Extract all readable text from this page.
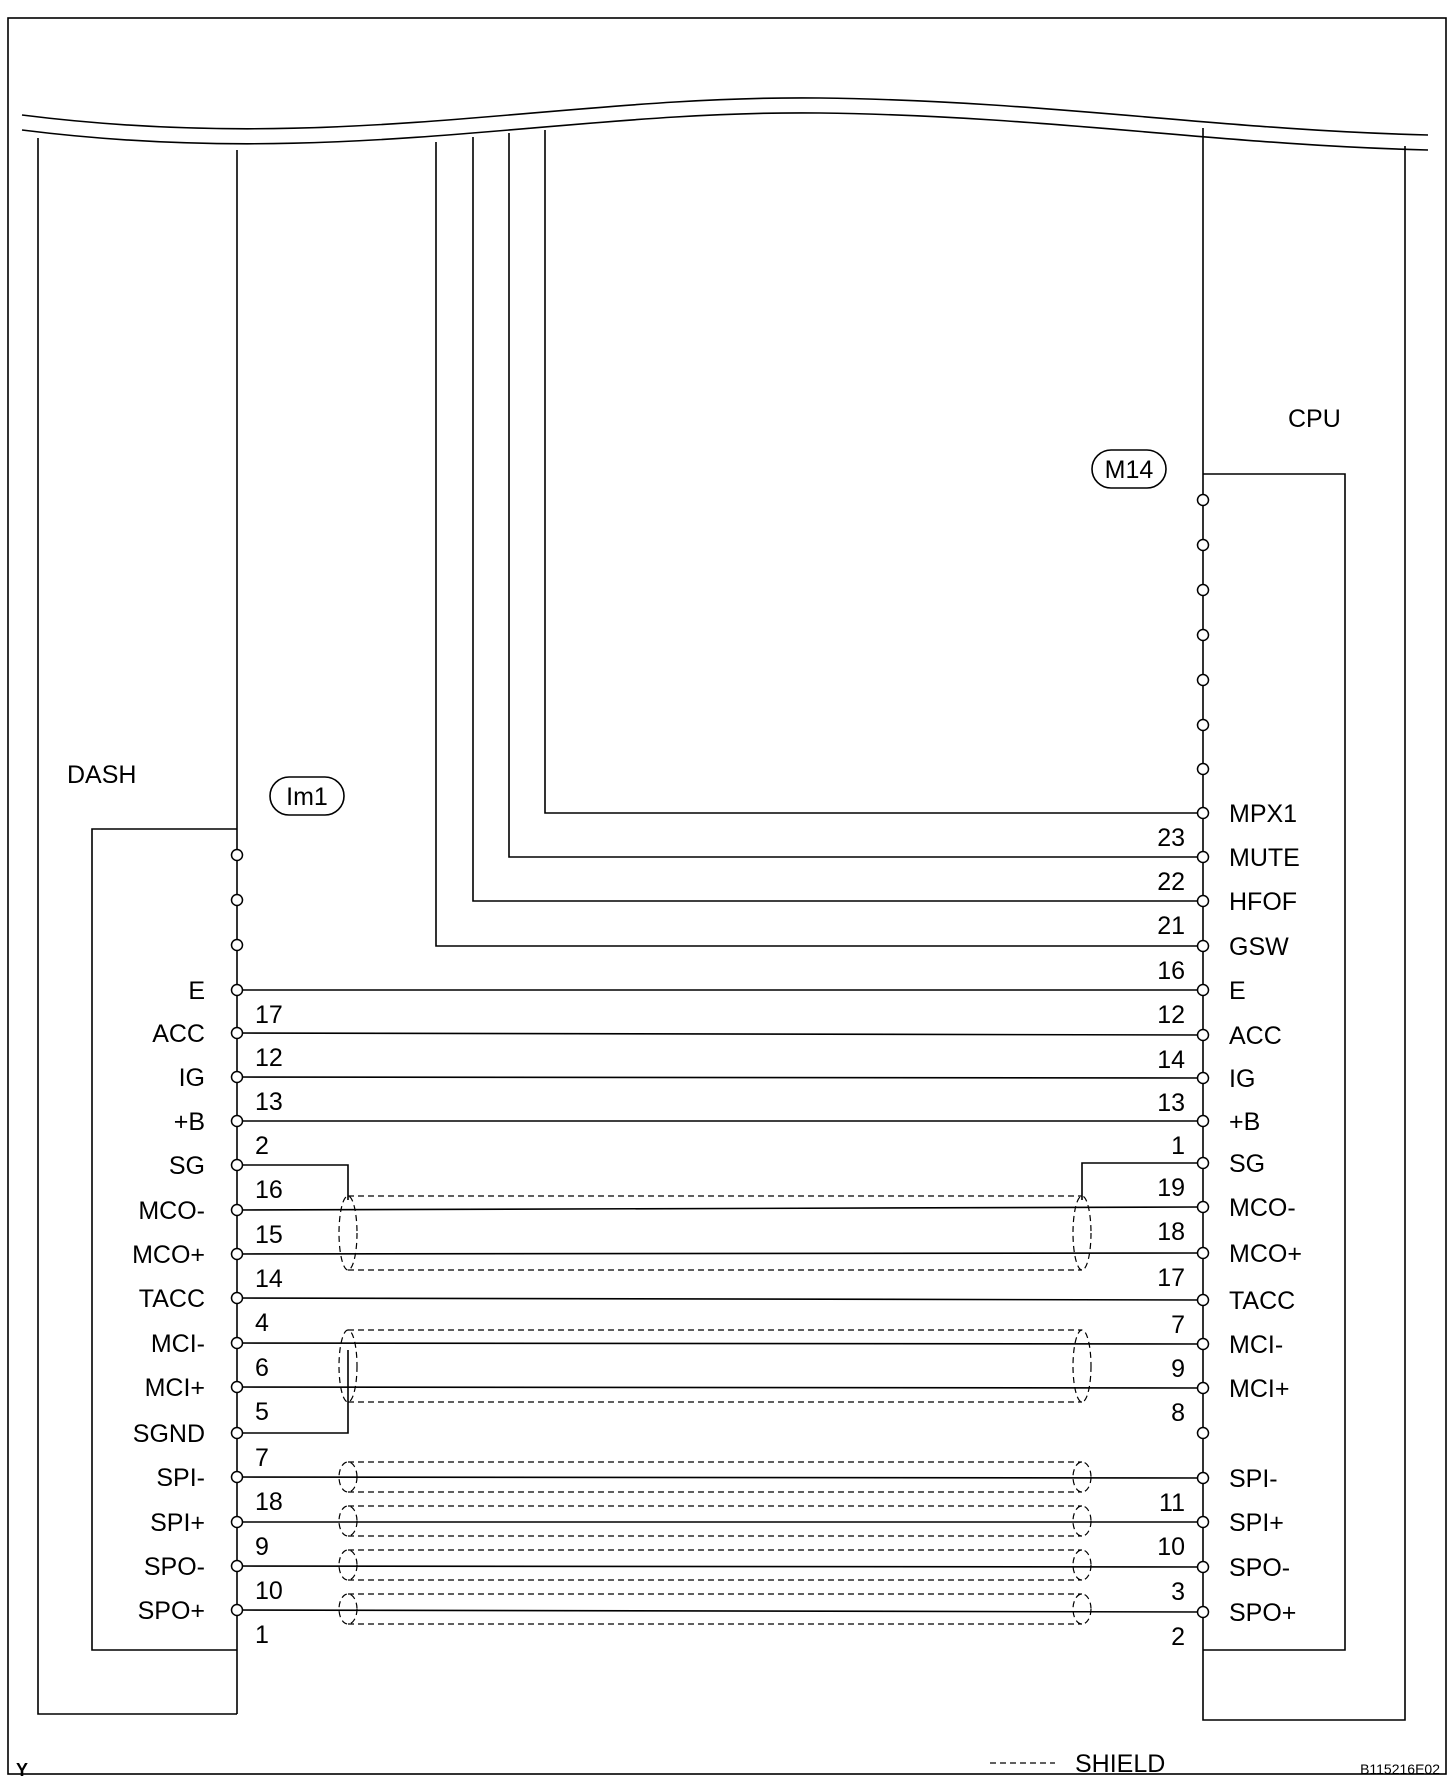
DASH
CPU
Im1
M14
E
17
ACC
12
IG
13
+B
2
SG
16
MCO-
15
MCO+
14
TACC
4
MCI-
6
MCI+
5
SGND
7
SPI-
18
SPI+
9
SPO-
10
SPO+
1
MPX1
23
MUTE
22
HFOF
21
GSW
16
E
12
ACC
14
IG
13
+B
1
SG
19
MCO-
18
MCO+
17
TACC
7
MCI-
9
MCI+
8
SPI-
11
SPI+
10
SPO-
3
SPO+
2
SHIELD
Y	B115216E02
